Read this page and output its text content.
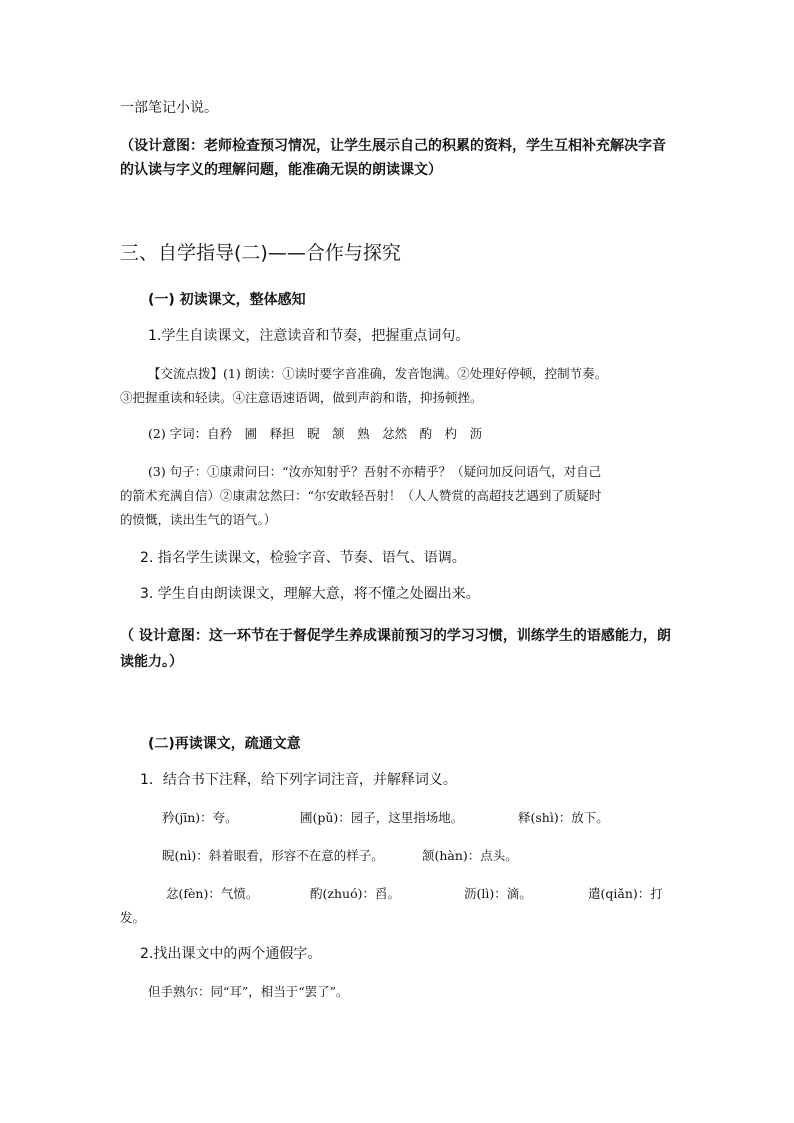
一部笔记小说。
（设计意图：老师检查预习情况，让学生展示自己的积累的资料，学生互相补充解决字音
的认读与字义的理解问题，能准确无误的朗读课文）
三、自学指导(二)——合作与探究
(一) 初读课文，整体感知
1.学生自读课文，注意读音和节奏，把握重点词句。
【交流点拨】(1) 朗读：①读时要字音准确，发音饱满。②处理好停顿，控制节奏。
③把握重读和轻读。④注意语速语调，做到声韵和谐，抑扬顿挫。
(2) 字词：自矜　圃　释担　睨　颔　熟　忿然　酌　杓　沥
(3) 句子：①康肃问曰：“汝亦知射乎？吾射不亦精乎？（疑问加反问语气，对自己
的箭术充满自信）②康肃忿然曰：“尔安敢轻吾射！（人人赞赏的高超技艺遇到了质疑时
的愤慨，读出生气的语气。）
2. 指名学生读课文，检验字音、节奏、语气、语调。
3. 学生自由朗读课文，理解大意，将不懂之处圈出来。
（ 设计意图：这一环节在于督促学生养成课前预习的学习习惯，训练学生的语感能力，朗
读能力。）
(二)再读课文，疏通文意
1．结合书下注释，给下列字词注音，并解释词义。
矜(jīn)：夸。	圃(pǔ)：园子，这里指场地。	释(shì)：放下。
睨(nì)：斜着眼看，形容不在意的样子。	颔(hàn)：点头。
忿(fèn)：气愤。	酌(zhuó)：舀。	沥(lì)：滴。	遣(qiǎn)：打
发。
2.找出课文中的两个通假字。
但手熟尔：同“耳”，相当于“罢了”。
